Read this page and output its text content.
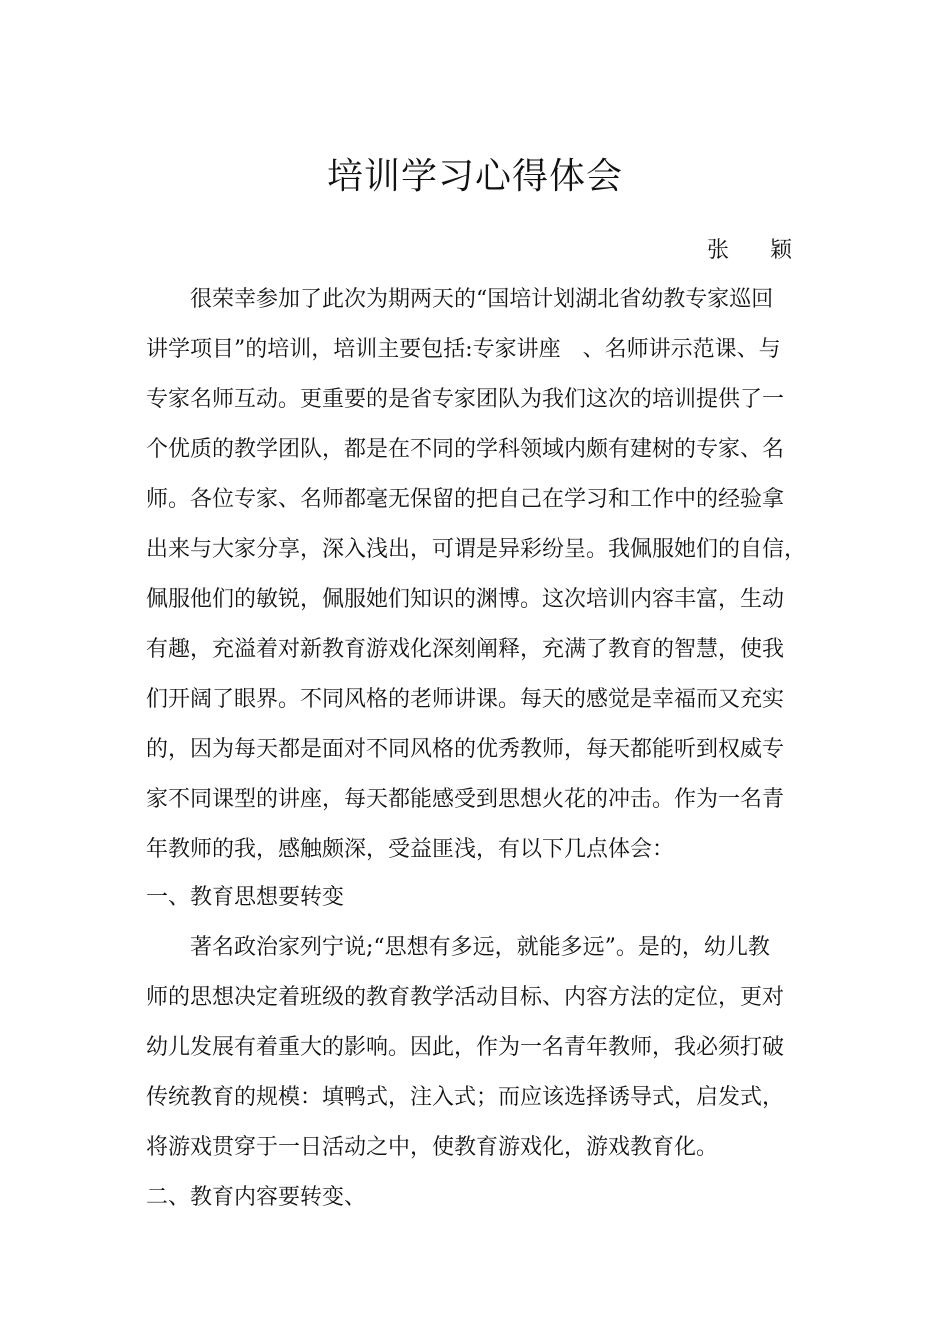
培训学习心得体会
张 颖
　　很荣幸参加了此次为期两天的“国培计划湖北省幼教专家巡回
讲学项目”的培训，培训主要包括:专家讲座　、名师讲示范课、与
专家名师互动。更重要的是省专家团队为我们这次的培训提供了一
个优质的教学团队，都是在不同的学科领域内颇有建树的专家、名
师。各位专家、名师都毫无保留的把自己在学习和工作中的经验拿
出来与大家分享，深入浅出，可谓是异彩纷呈。我佩服她们的自信，
佩服他们的敏锐，佩服她们知识的渊博。这次培训内容丰富，生动
有趣，充溢着对新教育游戏化深刻阐释，充满了教育的智慧，使我
们开阔了眼界。不同风格的老师讲课。每天的感觉是幸福而又充实
的，因为每天都是面对不同风格的优秀教师，每天都能听到权威专
家不同课型的讲座，每天都能感受到思想火花的冲击。作为一名青
年教师的我，感触颇深，受益匪浅，有以下几点体会：
一、教育思想要转变
　　著名政治家列宁说;“思想有多远，就能多远”。是的，幼儿教
师的思想决定着班级的教育教学活动目标、内容方法的定位，更对
幼儿发展有着重大的影响。因此，作为一名青年教师，我必须打破
传统教育的规模：填鸭式，注入式；而应该选择诱导式，启发式，
将游戏贯穿于一日活动之中，使教育游戏化，游戏教育化。
二、教育内容要转变、
